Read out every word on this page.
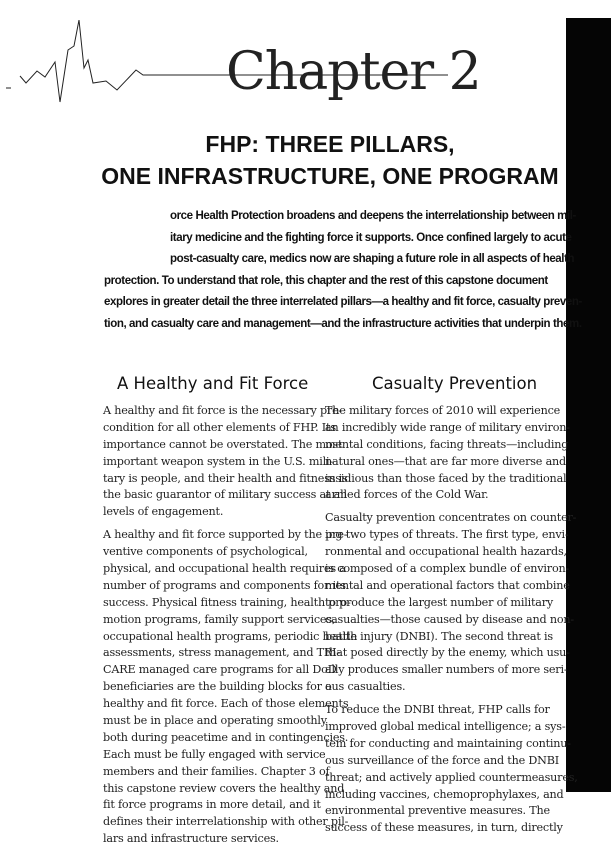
Chapter 2
FHP: THREE PILLARS,
ONE INFRASTRUCTURE, ONE PROGRAM
orce Health Protection broadens and deepens the interrelationship between mil-
itary medicine and the fighting force it supports. Once confined largely to acute
post-casualty care, medics now are shaping a future role in all aspects of health
protection. To understand that role, this chapter and the rest of this capstone document
explores in greater detail the three interrelated pillars—a healthy and fit force, casualty preven-
tion, and casualty care and management—and the infrastructure activities that underpin them.
A Healthy and Fit Force	Casualty Prevention
A healthy and fit force is the necessary pre-
condition for all other elements of FHP. Its
importance cannot be overstated. The most
important weapon system in the U.S. mili-
tary is people, and their health and fitness is
the basic guarantor of military success at all
levels of engagement.
A healthy and fit force supported by the pre-
ventive components of psychological,
physical, and occupational health requires a
number of programs and components for its
success. Physical fitness training, health pro-
motion programs, family support services,
occupational health programs, periodic health
assessments, stress management, and TRI-
CARE managed care programs for all DoD
beneficiaries are the building blocks for a
healthy and fit force. Each of those elements
must be in place and operating smoothly
both during peacetime and in contingencies.
Each must be fully engaged with service
members and their families. Chapter 3 of
this capstone review covers the healthy and
fit force programs in more detail, and it
defines their interrelationship with other pil-
lars and infrastructure services.
The military forces of 2010 will experience
an incredibly wide range of military environ-
mental conditions, facing threats—including
natural ones—that are far more diverse and
insidious than those faced by the traditional
armed forces of the Cold War.
Casualty prevention concentrates on counter-
ing two types of threats. The first type, envi-
ronmental and occupational health hazards,
is composed of a complex bundle of environ-
mental and operational factors that combine
to produce the largest number of military
casualties—those caused by disease and non-
battle injury (DNBI). The second threat is
that posed directly by the enemy, which usu-
ally produces smaller numbers of more seri-
ous casualties.
To reduce the DNBI threat, FHP calls for
improved global medical intelligence; a sys-
tem for conducting and maintaining continu-
ous surveillance of the force and the DNBI
threat; and actively applied countermeasures,
including vaccines, chemoprophylaxes, and
environmental preventive measures. The
success of these measures, in turn, directly
